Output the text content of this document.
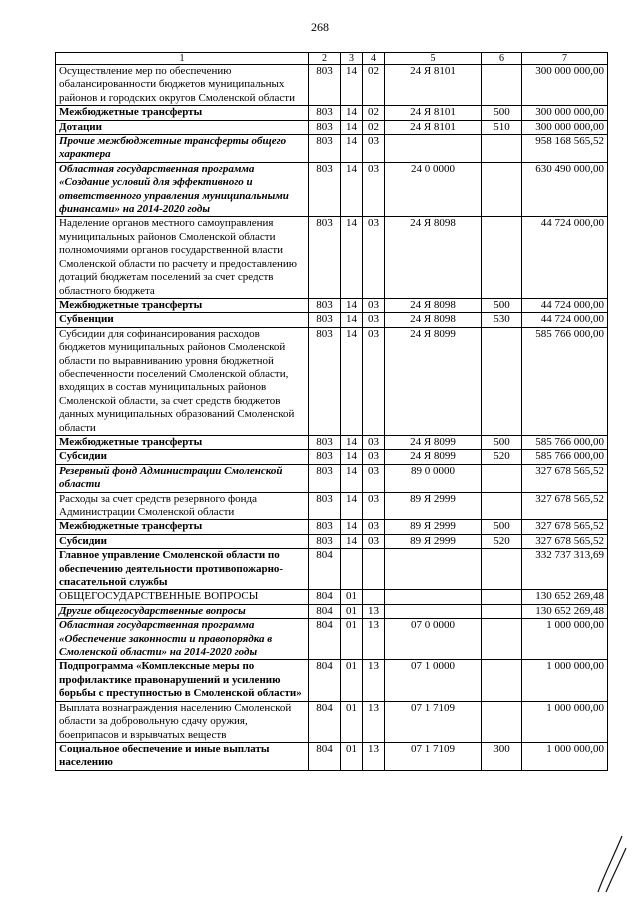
268
1	2	3	4	5	6	7
Осуществление мер по обеспечению обалансированности бюджетов муниципальных районов и городских округов Смоленской области	803	14	02	24 Я 8101		300 000 000,00
Межбюджетные трансферты	803	14	02	24 Я 8101	500	300 000 000,00
Дотации	803	14	02	24 Я 8101	510	300 000 000,00
Прочие межбюджетные трансферты общего характера	803	14	03			958 168 565,52
Областная государственная программа «Создание условий для эффективного и ответственного управления муниципальными финансами» на 2014-2020 годы	803	14	03	24 0 0000		630 490 000,00
Наделение органов местного самоуправления муниципальных районов Смоленской области полномочиями органов государственной власти Смоленской области по расчету и предоставлению дотаций бюджетам поселений за счет средств областного бюджета	803	14	03	24 Я 8098		44 724 000,00
Межбюджетные трансферты	803	14	03	24 Я 8098	500	44 724 000,00
Субвенции	803	14	03	24 Я 8098	530	44 724 000,00
Субсидии для софинансирования расходов бюджетов муниципальных районов Смоленской области по выравниванию уровня бюджетной обеспеченности поселений Смоленской области, входящих в состав муниципальных районов Смоленской области, за счет средств бюджетов данных муниципальных образований Смоленской области	803	14	03	24 Я 8099		585 766 000,00
Межбюджетные трансферты	803	14	03	24 Я 8099	500	585 766 000,00
Субсидии	803	14	03	24 Я 8099	520	585 766 000,00
Резервный фонд Администрации Смоленской области	803	14	03	89 0 0000		327 678 565,52
Расходы за счет средств резервного фонда Администрации Смоленской области	803	14	03	89 Я 2999		327 678 565,52
Межбюджетные трансферты	803	14	03	89 Я 2999	500	327 678 565,52
Субсидии	803	14	03	89 Я 2999	520	327 678 565,52
Главное управление Смоленской области по обеспечению деятельности противопожарно-спасательной службы	804					332 737 313,69
ОБЩЕГОСУДАРСТВЕННЫЕ ВОПРОСЫ	804	01				130 652 269,48
Другие общегосударственные вопросы	804	01	13			130 652 269,48
Областная государственная программа «Обеспечение законности и правопорядка в Смоленской области» на 2014-2020 годы	804	01	13	07 0 0000		1 000 000,00
Подпрограмма «Комплексные меры по профилактике правонарушений и усилению борьбы с преступностью в Смоленской области»	804	01	13	07 1 0000		1 000 000,00
Выплата вознаграждения населению Смоленской области за добровольную сдачу оружия, боеприпасов и взрывчатых веществ	804	01	13	07 1 7109		1 000 000,00
Социальное обеспечение и иные выплаты населению	804	01	13	07 1 7109	300	1 000 000,00
